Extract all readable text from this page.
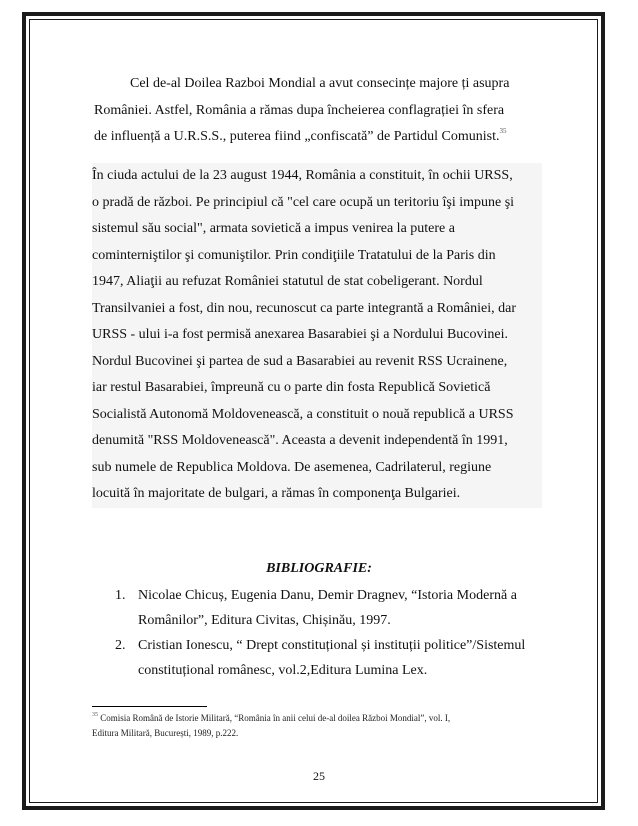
Cel de-al Doilea Razboi Mondial a avut consecințe majore ți asupra
României. Astfel, România a rămas dupa încheierea conflagrației în sfera
de influență a U.R.S.S., puterea fiind „confiscată” de Partidul Comunist.$^{35}$
În ciuda actului de la 23 august 1944, România a constituit, în ochii URSS,
o pradă de război. Pe principiul că "cel care ocupă un teritoriu îşi impune şi
sistemul său social", armata sovietică a impus venirea la putere a
cominterniştilor şi comuniştilor. Prin condiţiile Tratatului de la Paris din
1947, Aliaţii au refuzat României statutul de stat cobeligerant. Nordul
Transilvaniei a fost, din nou, recunoscut ca parte integrantă a României, dar
URSS - ului i-a fost permisă anexarea Basarabiei şi a Nordului Bucovinei.
Nordul Bucovinei şi partea de sud a Basarabiei au revenit RSS Ucrainene,
iar restul Basarabiei, împreună cu o parte din fosta Republică Sovietică
Socialistă Autonomă Moldovenească, a constituit o nouă republică a URSS
denumită "RSS Moldovenească". Aceasta a devenit independentă în 1991,
sub numele de Republica Moldova. De asemenea, Cadrilaterul, regiune
locuită în majoritate de bulgari, a rămas în componenţa Bulgariei.
BIBLIOGRAFIE:
1. Nicolae Chicuș, Eugenia Danu, Demir Dragnev, “Istoria Modernă a
Românilor”, Editura Civitas, Chișinău, 1997.
2. Cristian Ionescu, “ Drept constituțional și instituții politice”/Sistemul
constituțional românesc, vol.2,Editura Lumina Lex.
$^{35}$ Comisia Română de Istorie Militară, “România în anii celui de-al doilea Război Mondial”, vol. I,
Editura Militară, București, 1989, p.222.
25
